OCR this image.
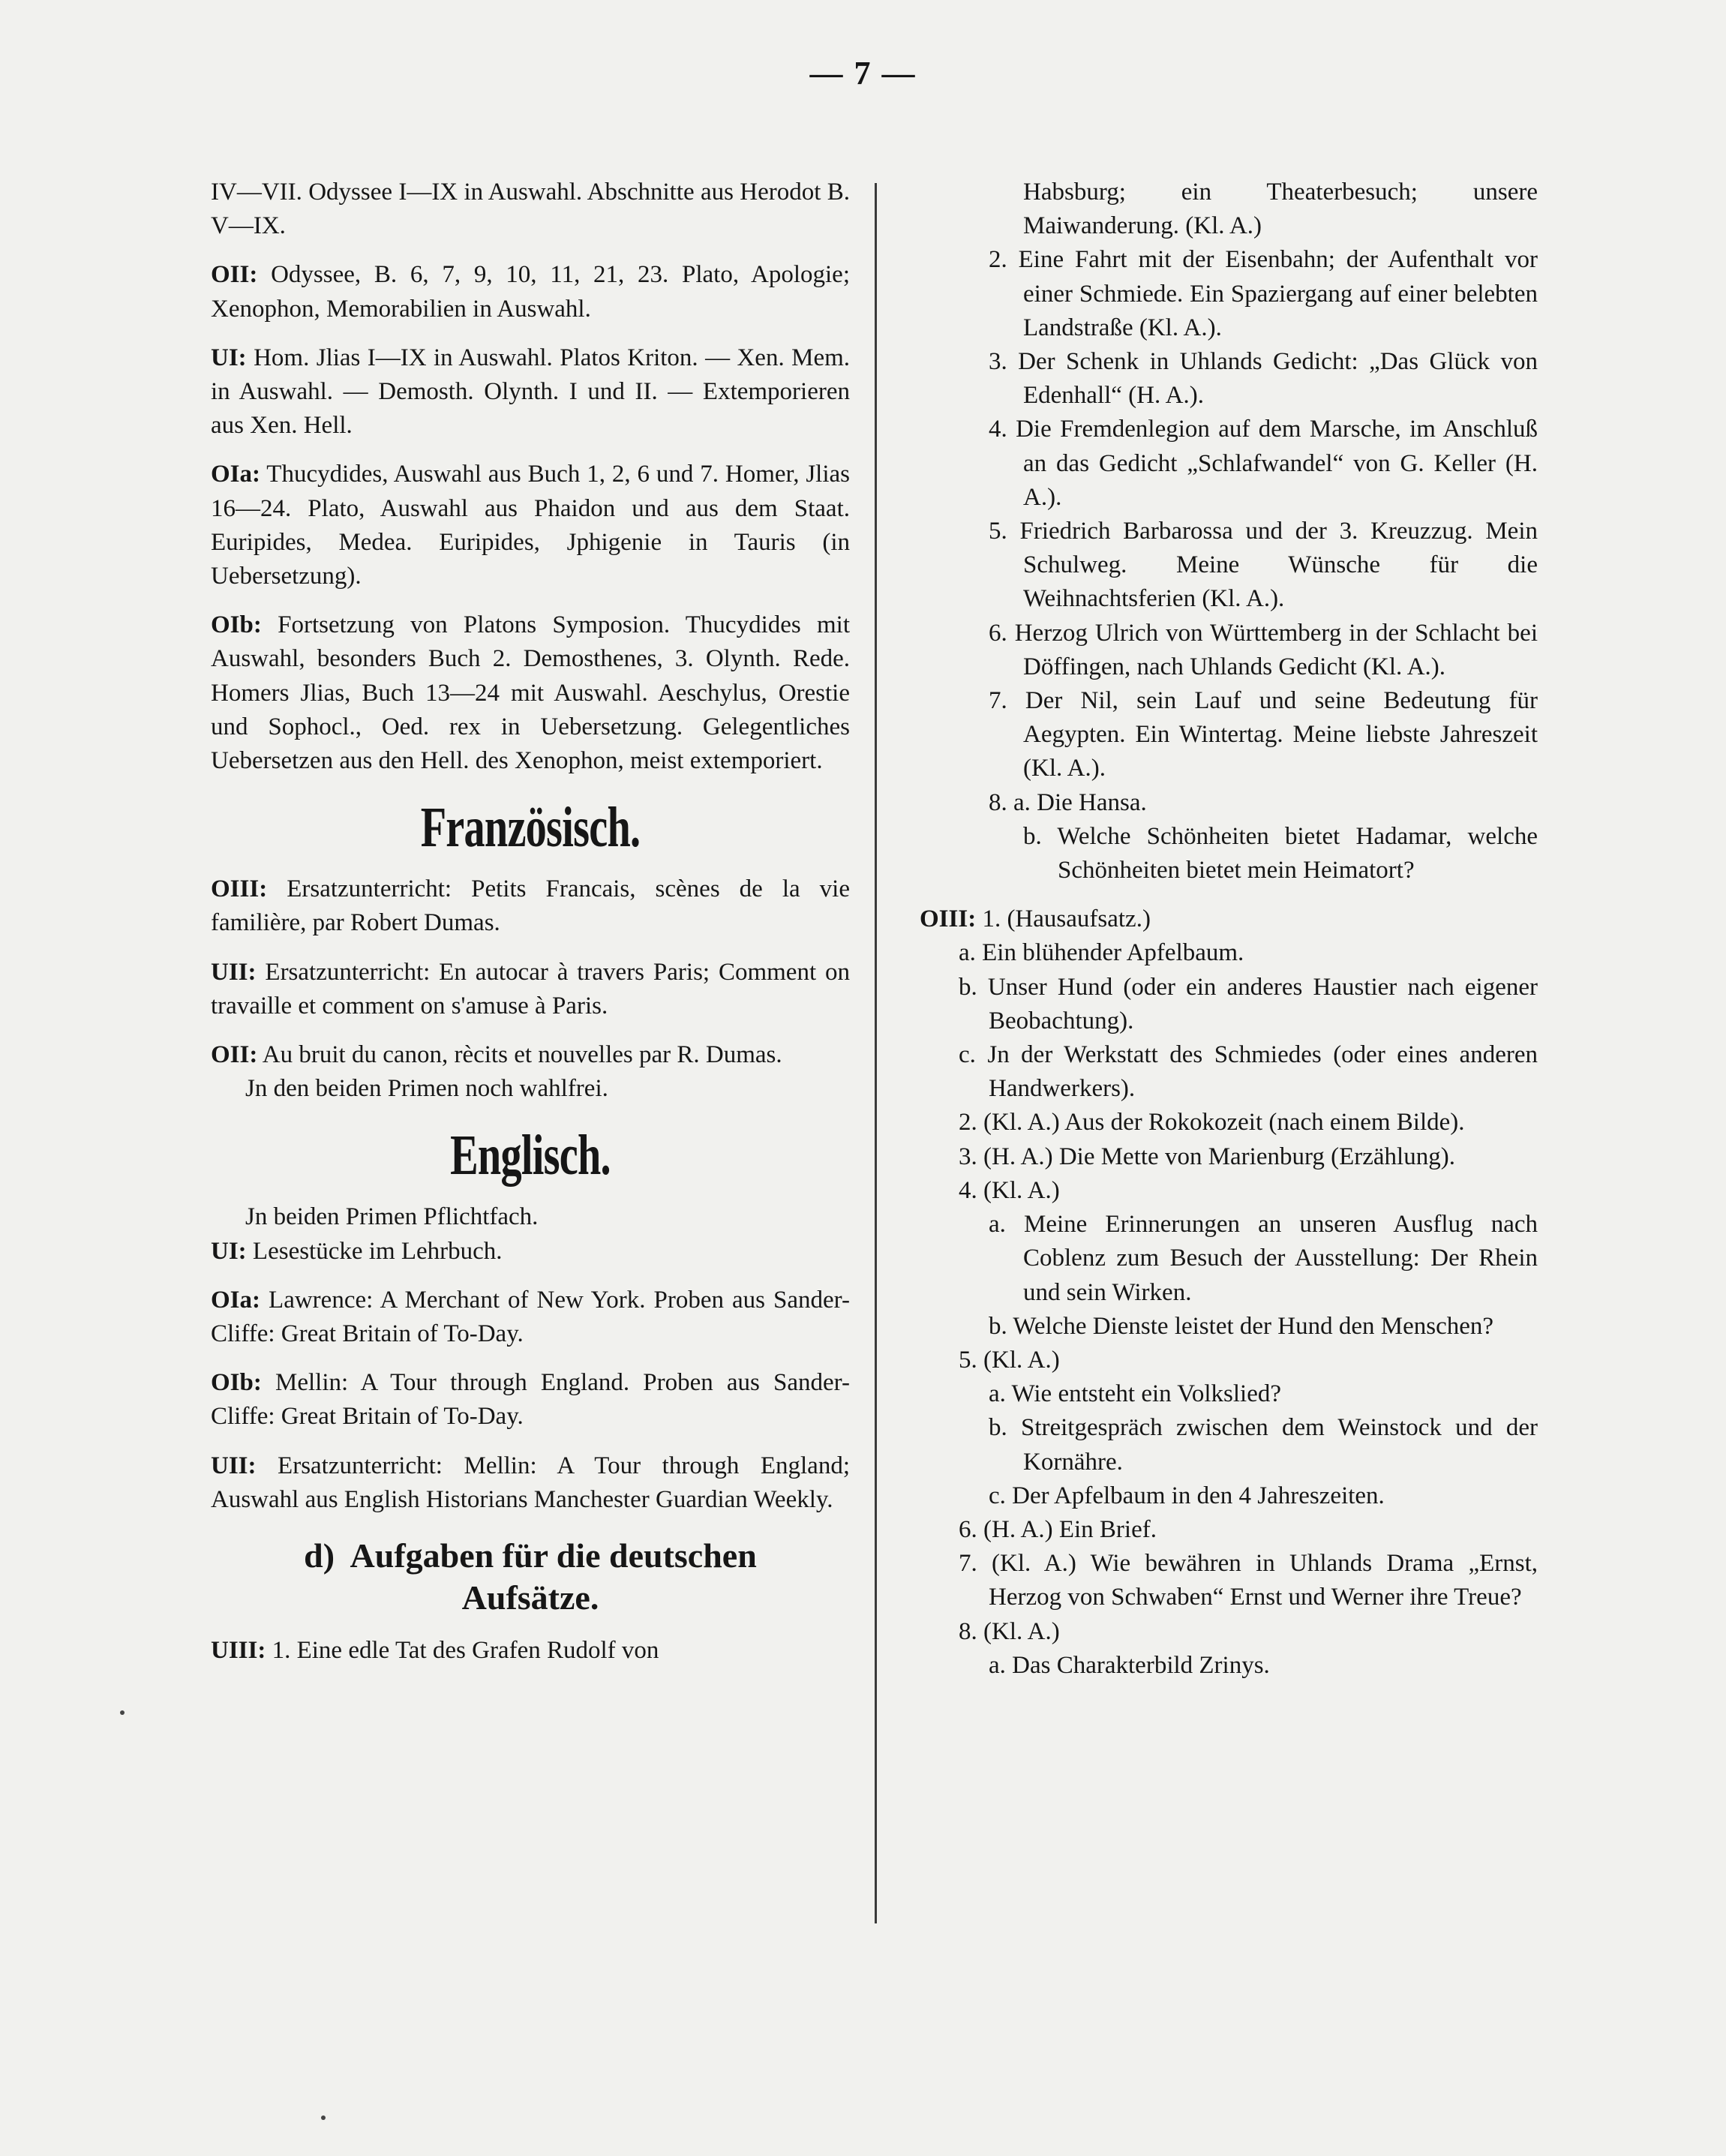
— 7 —

IV—VII. Odyssee I—IX in Auswahl. Abschnitte aus Herodot B. V—IX.

OII: Odyssee, B. 6, 7, 9, 10, 11, 21, 23. Plato, Apologie; Xenophon, Memorabilien in Auswahl.

UI: Hom. Jlias I—IX in Auswahl. Platos Kriton. — Xen. Mem. in Auswahl. — Demosth. Olynth. I und II. — Extemporieren aus Xen. Hell.

OIa: Thucydides, Auswahl aus Buch 1, 2, 6 und 7. Homer, Jlias 16—24. Plato, Auswahl aus Phaidon und aus dem Staat. Euripides, Medea. Euripides, Jphigenie in Tauris (in Uebersetzung).

OIb: Fortsetzung von Platons Symposion. Thucydides mit Auswahl, besonders Buch 2. Demosthenes, 3. Olynth. Rede. Homers Jlias, Buch 13—24 mit Auswahl. Aeschylus, Orestie und Sophocl., Oed. rex in Uebersetzung. Gelegentliches Uebersetzen aus den Hell. des Xenophon, meist extemporiert.

Französisch.

OIII: Ersatzunterricht: Petits Francais, scènes de la vie familière, par Robert Dumas.

UII: Ersatzunterricht: En autocar à travers Paris; Comment on travaille et comment on s'amuse à Paris.

OII: Au bruit du canon, rècits et nouvelles par R. Dumas.

Jn den beiden Primen noch wahlfrei.

Englisch.

Jn beiden Primen Pflichtfach.

UI: Lesestücke im Lehrbuch.

OIa: Lawrence: A Merchant of New York. Proben aus Sander-Cliffe: Great Britain of To-Day.

OIb: Mellin: A Tour through England. Proben aus Sander-Cliffe: Great Britain of To-Day.

UII: Ersatzunterricht: Mellin: A Tour through England; Auswahl aus English Historians Manchester Guardian Weekly.

d)  Aufgaben für die deutschen
Aufsätze.

UIII: 1. Eine edle Tat des Grafen Rudolf von

Habsburg; ein Theaterbesuch; unsere Maiwanderung. (Kl. A.)

2. Eine Fahrt mit der Eisenbahn; der Aufenthalt vor einer Schmiede. Ein Spaziergang auf einer belebten Landstraße (Kl. A.).

3. Der Schenk in Uhlands Gedicht: „Das Glück von Edenhall“ (H. A.).

4. Die Fremdenlegion auf dem Marsche, im Anschluß an das Gedicht „Schlafwandel“ von G. Keller (H. A.).

5. Friedrich Barbarossa und der 3. Kreuzzug. Mein Schulweg. Meine Wünsche für die Weihnachtsferien (Kl. A.).

6. Herzog Ulrich von Württemberg in der Schlacht bei Döffingen, nach Uhlands Gedicht (Kl. A.).

7. Der Nil, sein Lauf und seine Bedeutung für Aegypten. Ein Wintertag. Meine liebste Jahreszeit (Kl. A.).

8. a. Die Hansa.

b. Welche Schönheiten bietet Hadamar, welche Schönheiten bietet mein Heimatort?

OIII: 1. (Hausaufsatz.)

a. Ein blühender Apfelbaum.

b. Unser Hund (oder ein anderes Haustier nach eigener Beobachtung).

c. Jn der Werkstatt des Schmiedes (oder eines anderen Handwerkers).

2. (Kl. A.) Aus der Rokokozeit (nach einem Bilde).

3. (H. A.) Die Mette von Marienburg (Erzählung).

4. (Kl. A.)

a. Meine Erinnerungen an unseren Ausflug nach Coblenz zum Besuch der Ausstellung: Der Rhein und sein Wirken.

b. Welche Dienste leistet der Hund den Menschen?

5. (Kl. A.)

a. Wie entsteht ein Volkslied?

b. Streitgespräch zwischen dem Weinstock und der Kornähre.

c. Der Apfelbaum in den 4 Jahreszeiten.

6. (H. A.) Ein Brief.

7. (Kl. A.) Wie bewähren in Uhlands Drama „Ernst, Herzog von Schwaben“ Ernst und Werner ihre Treue?

8. (Kl. A.)

a. Das Charakterbild Zrinys.
